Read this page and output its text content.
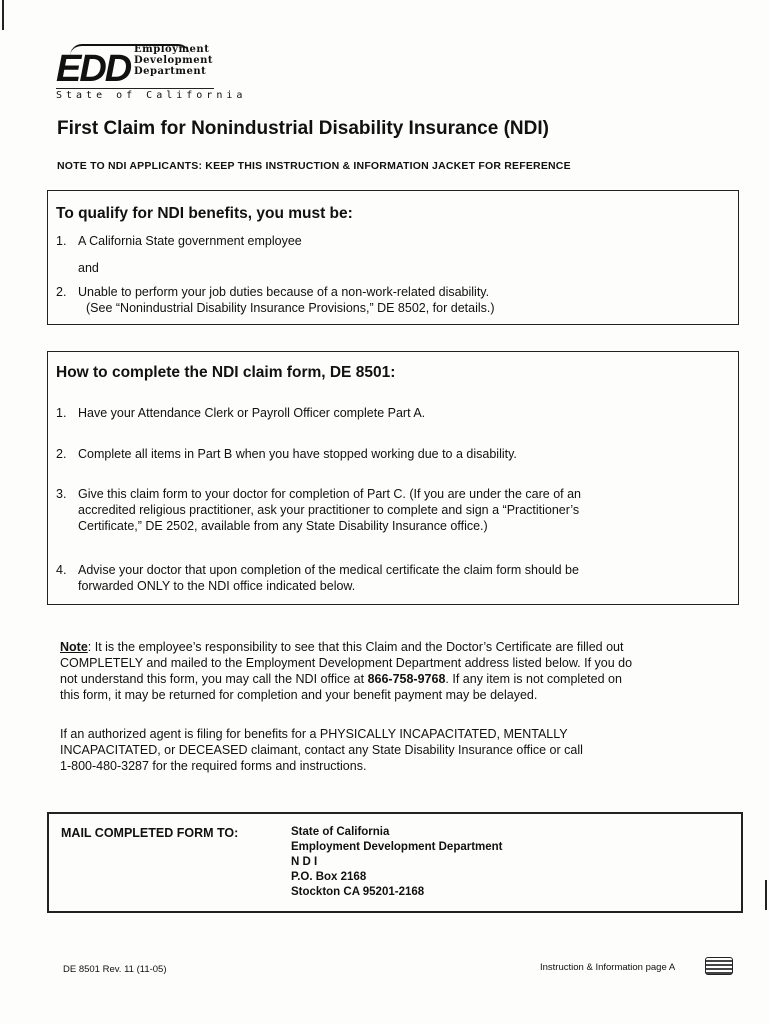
EDD Employment
Development
Department
State of California
First Claim for Nonindustrial Disability Insurance (NDI)
NOTE TO NDI APPLICANTS: KEEP THIS INSTRUCTION & INFORMATION JACKET FOR REFERENCE
To qualify for NDI benefits, you must be:
1. A California State government employee
and
2. Unable to perform your job duties because of a non-work-related disability.
(See “Nonindustrial Disability Insurance Provisions,” DE 8502, for details.)
How to complete the NDI claim form, DE 8501:
1. Have your Attendance Clerk or Payroll Officer complete Part A.
2. Complete all items in Part B when you have stopped working due to a disability.
3. Give this claim form to your doctor for completion of Part C. (If you are under the care of an
accredited religious practitioner, ask your practitioner to complete and sign a “Practitioner’s
Certificate,” DE 2502, available from any State Disability Insurance office.)
4. Advise your doctor that upon completion of the medical certificate the claim form should be
forwarded ONLY to the NDI office indicated below.
Note: It is the employee’s responsibility to see that this Claim and the Doctor’s Certificate are filled out
COMPLETELY and mailed to the Employment Development Department address listed below. If you do
not understand this form, you may call the NDI office at 866-758-9768. If any item is not completed on
this form, it may be returned for completion and your benefit payment may be delayed.
If an authorized agent is filing for benefits for a PHYSICALLY INCAPACITATED, MENTALLY
INCAPACITATED, or DECEASED claimant, contact any State Disability Insurance office or call
1-800-480-3287 for the required forms and instructions.
MAIL COMPLETED FORM TO:	State of California
Employment Development Department
N D I
P.O. Box 2168
Stockton CA 95201-2168
DE 8501 Rev. 11 (11-05)	Instruction & Information page A
